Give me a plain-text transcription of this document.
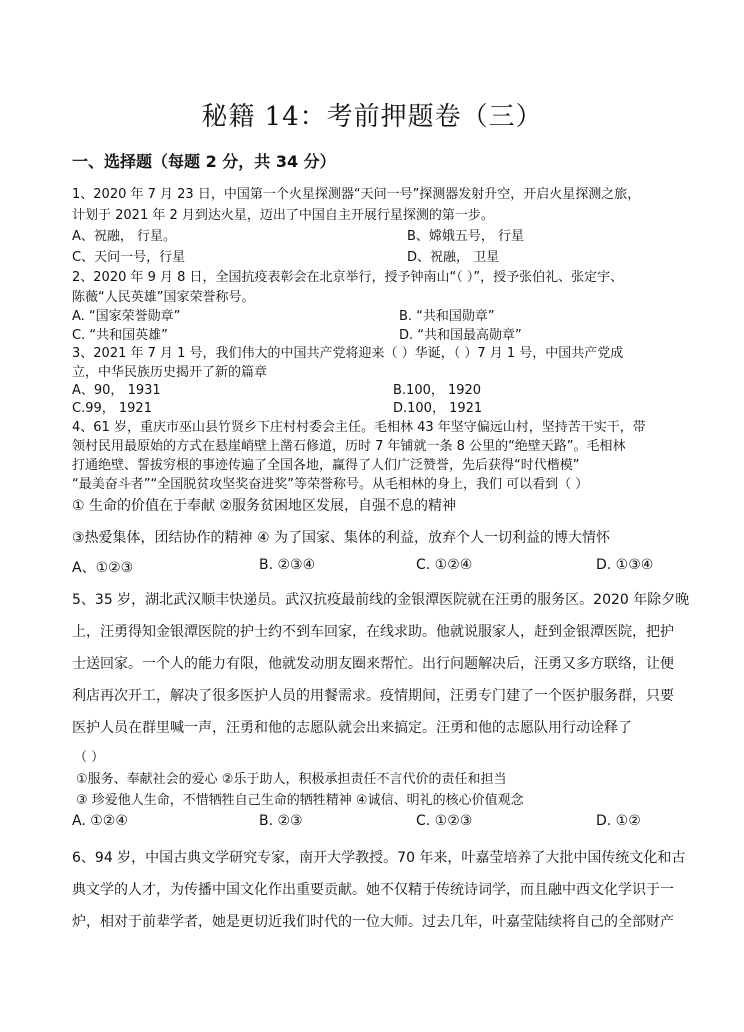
秘籍 14：考前押题卷（三）
一、选择题（每题 2 分，共 34 分）
1、2020 年 7 月 23 日，中国第一个火星探测器“天问一号”探测器发射升空，开启火星探测之旅，
计划于 2021 年 2 月到达火星，迈出了中国自主开展行星探测的第一步。
A、祝融， 行星。	B、嫦娥五号， 行星
C、天问一号，行星	D、祝融， 卫星
2、2020 年 9 月 8 日，全国抗疫表彰会在北京举行，授予钟南山“（ ）”，授予张伯礼、张定宇、
陈薇“人民英雄”国家荣誉称号。
A. “国家荣誉勋章”	B. “共和国勋章”
C. “共和国英雄”	D. “共和国最高勋章”
3、2021 年 7 月 1 号，我们伟大的中国共产党将迎来（ ）华诞，（ ）7 月 1 号，中国共产党成
立，中华民族历史揭开了新的篇章
A、90， 1931	B.100， 1920
C.99， 1921	D.100， 1921
4、61 岁，重庆市巫山县竹贤乡下庄村村委会主任。毛相林 43 年坚守偏远山村，坚持苦干实干，带
领村民用最原始的方式在悬崖峭壁上凿石修道，历时 7 年铺就一条 8 公里的“绝壁天路”。毛相林
打通绝壁、誓拔穷根的事迹传遍了全国各地，赢得了人们广泛赞誉，先后获得“时代楷模”
“最美奋斗者”“全国脱贫攻坚奖奋进奖”等荣誉称号。从毛相林的身上，我们 可以看到（ ）
① 生命的价值在于奉献 ②服务贫困地区发展，自强不息的精神
③热爱集体，团结协作的精神 ④ 为了国家、集体的利益，放弃个人一切利益的博大情怀
A、①②③	B. ②③④	C. ①②④	D. ①③④
5、35 岁，湖北武汉顺丰快递员。武汉抗疫最前线的金银潭医院就在汪勇的服务区。2020 年除夕晚
上，汪勇得知金银潭医院的护士约不到车回家，在线求助。他就说服家人，赶到金银潭医院，把护
士送回家。一个人的能力有限，他就发动朋友圈来帮忙。出行问题解决后，汪勇又多方联络，让便
利店再次开工，解决了很多医护人员的用餐需求。疫情期间，汪勇专门建了一个医护服务群，只要
医护人员在群里喊一声，汪勇和他的志愿队就会出来搞定。汪勇和他的志愿队用行动诠释了
（ ）
①服务、奉献社会的爱心 ②乐于助人，积极承担责任不言代价的责任和担当
③ 珍爱他人生命，不惜牺牲自己生命的牺牲精神 ④诚信、明礼的核心价值观念
A. ①②④	B. ②③	C. ①②③	D. ①②
6、94 岁，中国古典文学研究专家，南开大学教授。70 年来，叶嘉莹培养了大批中国传统文化和古
典文学的人才，为传播中国文化作出重要贡献。她不仅精于传统诗词学，而且融中西文化学识于一
炉，相对于前辈学者，她是更切近我们时代的一位大师。过去几年，叶嘉莹陆续将自己的全部财产
